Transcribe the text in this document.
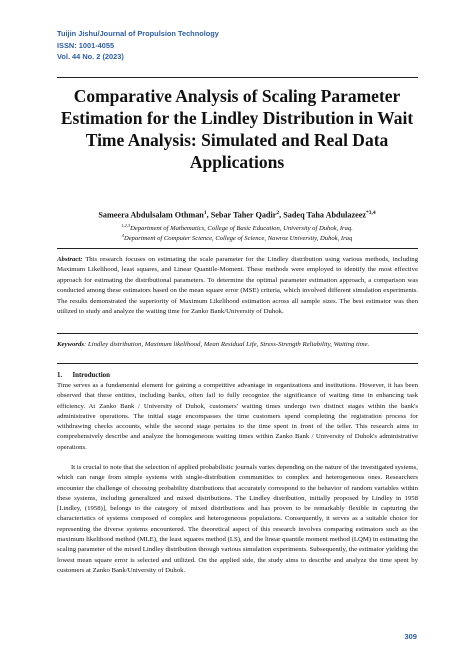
Tuijin Jishu/Journal of Propulsion Technology
ISSN: 1001-4055
Vol. 44 No. 2 (2023)
Comparative Analysis of Scaling Parameter Estimation for the Lindley Distribution in Wait Time Analysis: Simulated and Real Data Applications
Sameera Abdulsalam Othman$^1$, Sebar Taher Qadir$^2$, Sadeq Taha Abdulazeez$^{*3,4}$
$^{1,2,3}$Department of Mathematics, College of Basic Education, University of Duhok, Iraq.
$^4$Department of Computer Science, College of Science, Nawroz University, Duhok, Iraq

Abstract: This research focuses on estimating the scale parameter for the Lindley distribution using various methods, including Maximum Likelihood, least squares, and Linear Quantile-Moment. These methods were employed to identify the most effective approach for estimating the distributional parameters. To determine the optimal parameter estimation approach, a comparison was conducted among these estimators based on the mean square error (MSE) criteria, which involved different simulation experiments. The results demonstrated the superiority of Maximum Likelihood estimation across all sample sizes. The best estimator was then utilized to study and analyze the waiting time for Zanko Bank/University of Duhok.

Keywords: Lindley distribution, Maximum likelihood, Mean Residual Life, Stress-Strength Reliability, Waiting time.

1.      Introduction

Time serves as a fundamental element for gaining a competitive advantage in organizations and institutions. However, it has been observed that these entities, including banks, often fail to fully recognize the significance of waiting time in enhancing task efficiency. At Zanko Bank / University of Duhok, customers' waiting times undergo two distinct stages within the bank's administrative operations. The initial stage encompasses the time customers spend completing the registration process for withdrawing checks accounts, while the second stage pertains to the time spent in front of the teller. This research aims to comprehensively describe and analyze the homogeneous waiting times within Zanko Bank / University of Duhok's administrative operations.

It is crucial to note that the selection of applied probabilistic journals varies depending on the nature of the investigated systems, which can range from simple systems with single-distribution communities to complex and heterogeneous ones. Researchers encounter the challenge of choosing probability distributions that accurately correspond to the behavior of random variables within these systems, including generalized and mixed distributions. The Lindley distribution, initially proposed by Lindley in 1958 [Lindley, (1958)], belongs to the category of mixed distributions and has proven to be remarkably flexible in capturing the characteristics of systems composed of complex and heterogeneous populations. Consequently, it serves as a suitable choice for representing the diverse systems encountered. The theoretical aspect of this research involves comparing estimators such as the maximum likelihood method (MLE), the least squares method (LS), and the linear quantile moment method (LQM) in estimating the scaling parameter of the mixed Lindley distribution through various simulation experiments. Subsequently, the estimator yielding the lowest mean square error is selected and utilized. On the applied side, the study aims to describe and analyze the time spent by customers at Zanko Bank/University of Duhok.

309
